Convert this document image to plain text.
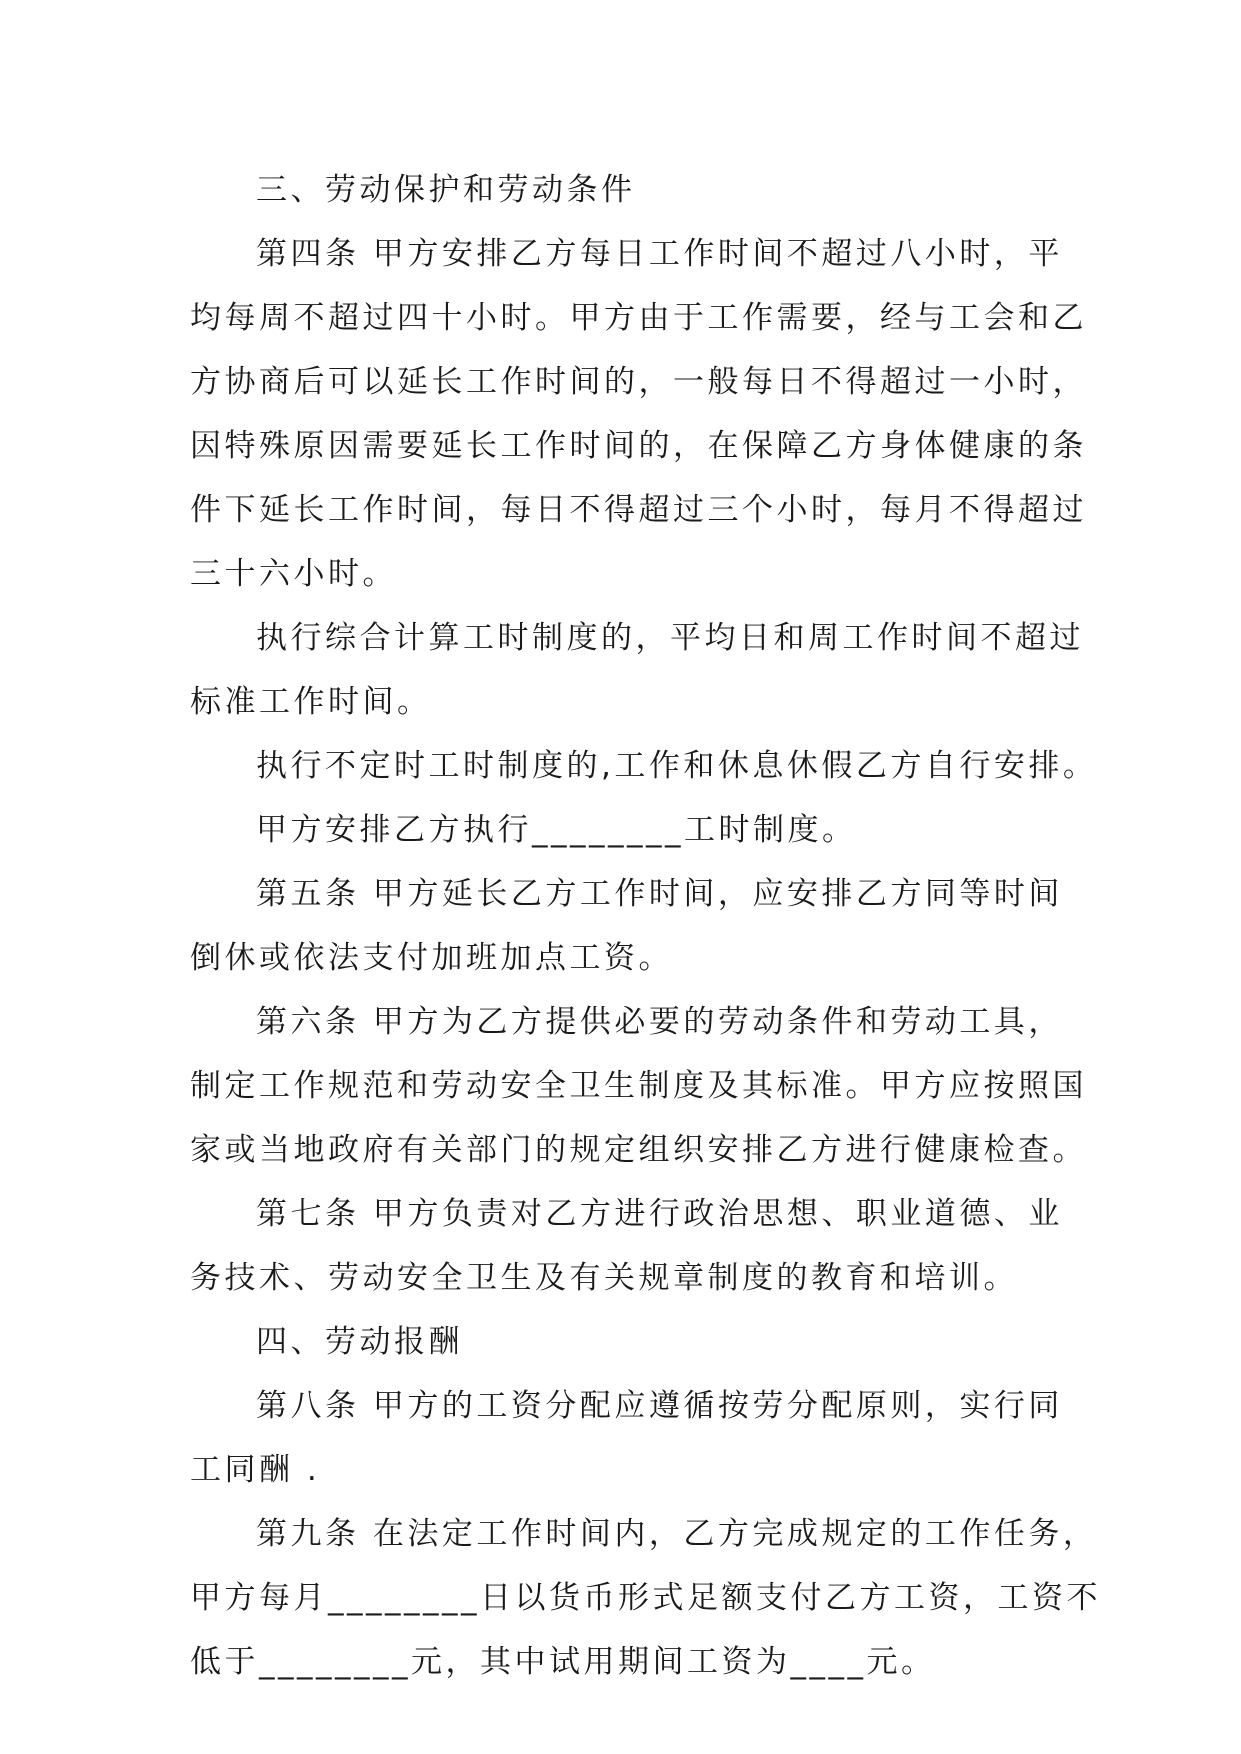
三、劳动保护和劳动条件
第四条 甲方安排乙方每日工作时间不超过八小时，平
均每周不超过四十小时。甲方由于工作需要，经与工会和乙
方协商后可以延长工作时间的，一般每日不得超过一小时，
因特殊原因需要延长工作时间的，在保障乙方身体健康的条
件下延长工作时间，每日不得超过三个小时，每月不得超过
三十六小时。
执行综合计算工时制度的，平均日和周工作时间不超过
标准工作时间。
执行不定时工时制度的,工作和休息休假乙方自行安排。
甲方安排乙方执行________工时制度。
第五条 甲方延长乙方工作时间，应安排乙方同等时间
倒休或依法支付加班加点工资。
第六条 甲方为乙方提供必要的劳动条件和劳动工具，
制定工作规范和劳动安全卫生制度及其标准。甲方应按照国
家或当地政府有关部门的规定组织安排乙方进行健康检查。
第七条 甲方负责对乙方进行政治思想、职业道德、业
务技术、劳动安全卫生及有关规章制度的教育和培训。
四、劳动报酬
第八条 甲方的工资分配应遵循按劳分配原则，实行同
工同酬 .
第九条 在法定工作时间内，乙方完成规定的工作任务，
甲方每月________日以货币形式足额支付乙方工资，工资不
低于________元，其中试用期间工资为____元。
